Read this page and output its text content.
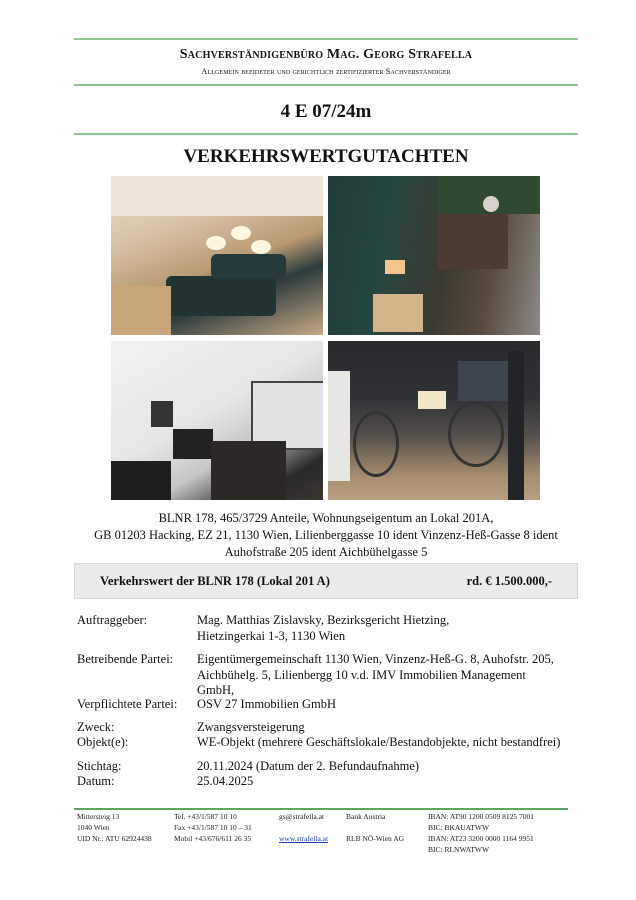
Sachverständigenbüro Mag. Georg Strafella
Allgemein beeideter und gerichtlich zertifizierter Sachverständiger
4 E 07/24m
VERKEHRSWERTGUTACHTEN
BLNR 178, 465/3729 Anteile, Wohnungseigentum an Lokal 201A,
GB 01203 Hacking, EZ 21, 1130 Wien, Lilienberggasse 10 ident Vinzenz-Heß-Gasse 8 ident
Auhofstraße 205 ident Aichbühelgasse 5
Verkehrswert der BLNR 178 (Lokal 201 A)	rd. € 1.500.000,-
Auftraggeber:	Mag. Matthias Zislavsky, Bezirksgericht Hietzing,
Hietzingerkai 1-3, 1130 Wien
Betreibende Partei:	Eigentümergemeinschaft 1130 Wien, Vinzenz-Heß-G. 8, Auhofstr. 205,
Aichbühelg. 5, Lilienbergg 10 v.d. IMV Immobilien Management
GmbH,
Verpflichtete Partei:	OSV 27 Immobilien GmbH
Zweck:	Zwangsversteigerung
Objekt(e):	WE-Objekt (mehrere Geschäftslokale/Bestandobjekte, nicht bestandfrei)
Stichtag:	20.11.2024 (Datum der 2. Befundaufnahme)
Datum:	25.04.2025
Mittersteig 13
1040 Wien
UID Nr.: ATU 62924438
Tel. +43/1/587 10 10
Fax +43/1/587 10 10 – 31
Mobil +43/676/611 26 35
gs@strafella.at

www.strafella.at
Bank Austria

RLB NÖ-Wien AG
IBAN: AT90 1200 0509 8125 7001
BIC: BKAUATWW
IBAN: AT23 3200 0000 1164 9951
BIC: RLNWATWW
